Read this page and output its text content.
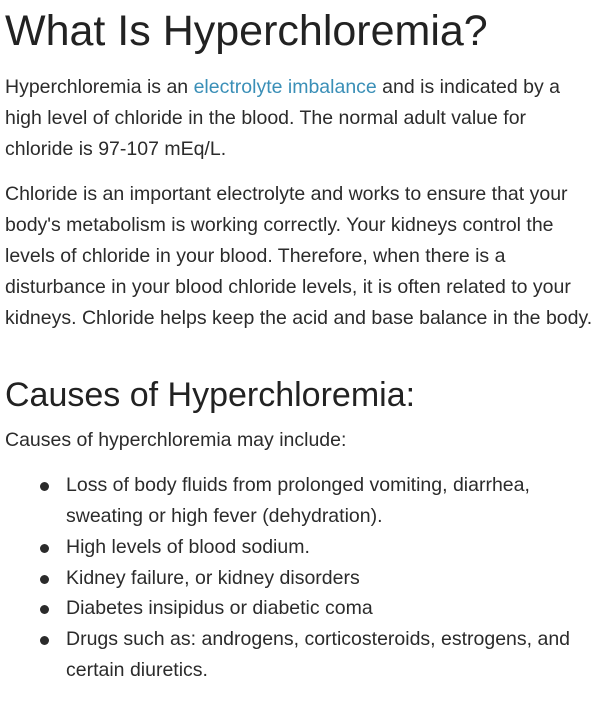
What Is Hyperchloremia?

Hyperchloremia is an electrolyte imbalance and is indicated by a high level of chloride in the blood. The normal adult value for chloride is 97-107 mEq/L.

Chloride is an important electrolyte and works to ensure that your body's metabolism is working correctly. Your kidneys control the levels of chloride in your blood. Therefore, when there is a disturbance in your blood chloride levels, it is often related to your kidneys. Chloride helps keep the acid and base balance in the body.

Causes of Hyperchloremia:

Causes of hyperchloremia may include:

Loss of body fluids from prolonged vomiting, diarrhea, sweating or high fever (dehydration).
High levels of blood sodium.
Kidney failure, or kidney disorders
Diabetes insipidus or diabetic coma
Drugs such as: androgens, corticosteroids, estrogens, and certain diuretics.
